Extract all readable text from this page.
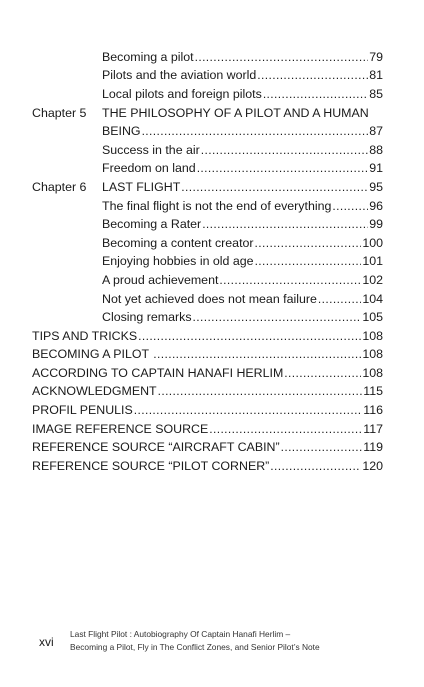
Becoming a pilot .....	79
Pilots and the aviation world .....	81
Local pilots and foreign pilots .....	85
Chapter 5 THE PHILOSOPHY OF A PILOT AND A HUMAN
BEING .....	87
Success in the air .....	88
Freedom on land .....	91
Chapter 6 LAST FLIGHT .....	95
The final flight is not the end of everything .....	96
Becoming a Rater .....	99
Becoming a content creator .....	100
Enjoying hobbies in old age .....	101
A proud achievement .....	102
Not yet achieved does not mean failure .....	104
Closing remarks .....	105
TIPS AND TRICKS .....	108
BECOMING A PILOT .....	108
ACCORDING TO CAPTAIN HANAFI HERLIM .....	108
ACKNOWLEDGMENT .....	115
PROFIL PENULIS .....	116
IMAGE REFERENCE SOURCE .....	117
REFERENCE SOURCE “AIRCRAFT CABIN” .....	119
REFERENCE SOURCE “PILOT CORNER” .....	120
xvi
Last Flight Pilot : Autobiography Of Captain Hanafi Herlim –
Becoming a Pilot, Fly in The Conflict Zones, and Senior Pilot’s Note
